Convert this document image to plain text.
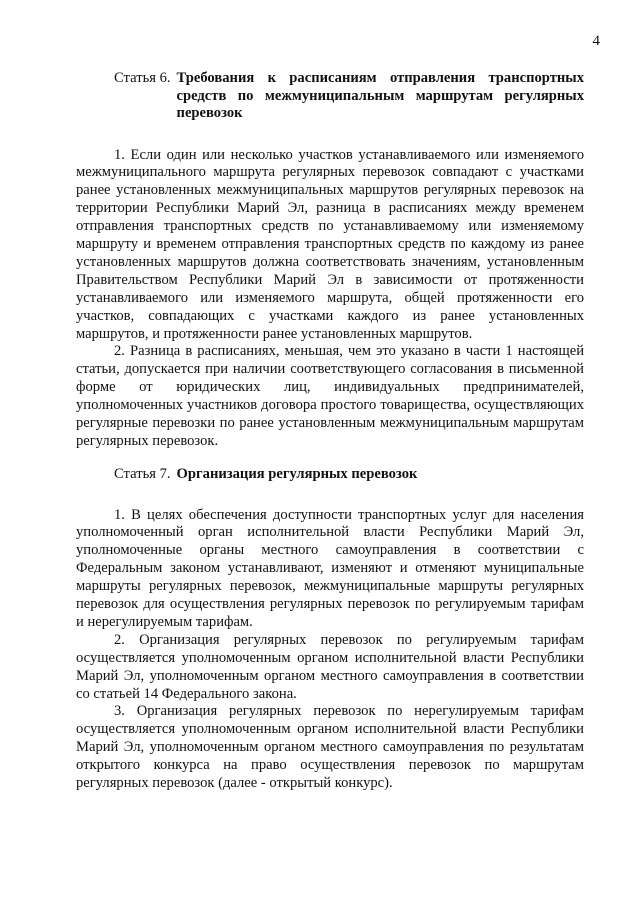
4
Статья 6. Требования к расписаниям отправления транспортных средств по межмуниципальным маршрутам регулярных перевозок

1. Если один или несколько участков устанавливаемого или изменяемого межмуниципального маршрута регулярных перевозок совпадают с участками ранее установленных межмуниципальных маршрутов регулярных перевозок на территории Республики Марий Эл, разница в расписаниях между временем отправления транспортных средств по устанавливаемому или изменяемому маршруту и временем отправления транспортных средств по каждому из ранее установленных маршрутов должна соответствовать значениям, установленным Правительством Республики Марий Эл в зависимости от протяженности устанавливаемого или изменяемого маршрута, общей протяженности его участков, совпадающих с участками каждого из ранее установленных маршрутов, и протяженности ранее установленных маршрутов.

2. Разница в расписаниях, меньшая, чем это указано в части 1 настоящей статьи, допускается при наличии соответствующего согласования в письменной форме от юридических лиц, индивидуальных предпринимателей, уполномоченных участников договора простого товарищества, осуществляющих регулярные перевозки по ранее установленным межмуниципальным маршрутам регулярных перевозок.

Статья 7. Организация регулярных перевозок

1. В целях обеспечения доступности транспортных услуг для населения уполномоченный орган исполнительной власти Республики Марий Эл, уполномоченные органы местного самоуправления в соответствии с Федеральным законом устанавливают, изменяют и отменяют муниципальные маршруты регулярных перевозок, межмуниципальные маршруты регулярных перевозок для осуществления регулярных перевозок по регулируемым тарифам и нерегулируемым тарифам.

2. Организация регулярных перевозок по регулируемым тарифам осуществляется уполномоченным органом исполнительной власти Республики Марий Эл, уполномоченным органом местного самоуправления в соответствии со статьей 14 Федерального закона.

3. Организация регулярных перевозок по нерегулируемым тарифам осуществляется уполномоченным органом исполнительной власти Республики Марий Эл, уполномоченным органом местного самоуправления по результатам открытого конкурса на право осуществления перевозок по маршрутам регулярных перевозок (далее - открытый конкурс).
